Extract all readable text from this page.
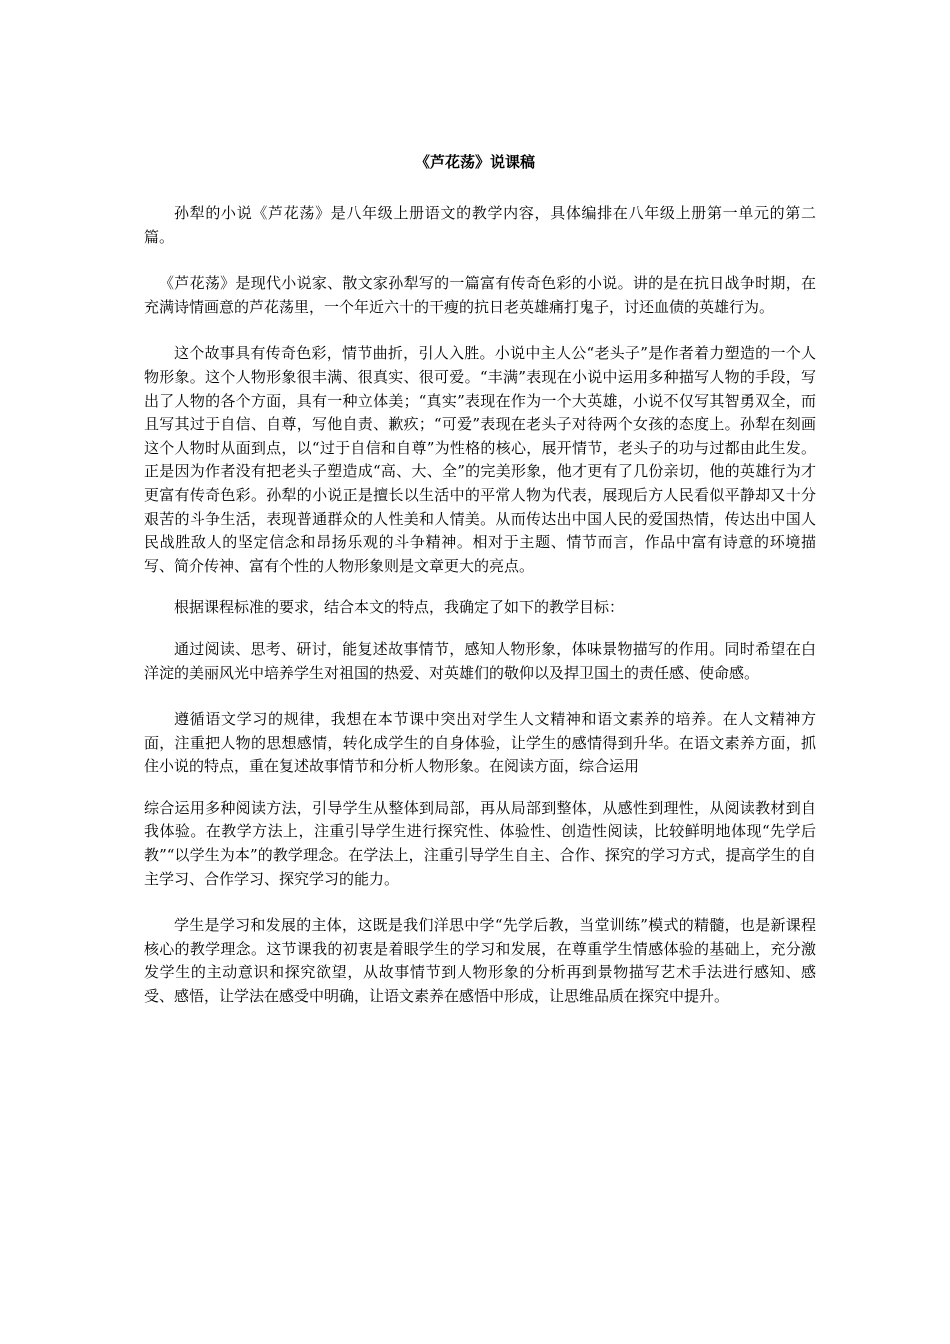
《芦花荡》说课稿

孙犁的小说《芦花荡》是八年级上册语文的教学内容，具体编排在八年级上册第一单元的第二篇。

《芦花荡》是现代小说家、散文家孙犁写的一篇富有传奇色彩的小说。讲的是在抗日战争时期，在充满诗情画意的芦花荡里，一个年近六十的干瘦的抗日老英雄痛打鬼子，讨还血债的英雄行为。

这个故事具有传奇色彩，情节曲折，引人入胜。小说中主人公“老头子”是作者着力塑造的一个人物形象。这个人物形象很丰满、很真实、很可爱。“丰满”表现在小说中运用多种描写人物的手段，写出了人物的各个方面，具有一种立体美；“真实”表现在作为一个大英雄，小说不仅写其智勇双全，而且写其过于自信、自尊，写他自责、歉疚；“可爱”表现在老头子对待两个女孩的态度上。孙犁在刻画这个人物时从面到点，以“过于自信和自尊”为性格的核心，展开情节，老头子的功与过都由此生发。正是因为作者没有把老头子塑造成“高、大、全”的完美形象，他才更有了几份亲切，他的英雄行为才更富有传奇色彩。孙犁的小说正是擅长以生活中的平常人物为代表，展现后方人民看似平静却又十分艰苦的斗争生活，表现普通群众的人性美和人情美。从而传达出中国人民的爱国热情，传达出中国人民战胜敌人的坚定信念和昂扬乐观的斗争精神。相对于主题、情节而言，作品中富有诗意的环境描写、简介传神、富有个性的人物形象则是文章更大的亮点。

根据课程标准的要求，结合本文的特点，我确定了如下的教学目标：

通过阅读、思考、研讨，能复述故事情节，感知人物形象，体味景物描写的作用。同时希望在白洋淀的美丽风光中培养学生对祖国的热爱、对英雄们的敬仰以及捍卫国土的责任感、使命感。

遵循语文学习的规律，我想在本节课中突出对学生人文精神和语文素养的培养。在人文精神方面，注重把人物的思想感情，转化成学生的自身体验，让学生的感情得到升华。在语文素养方面，抓住小说的特点，重在复述故事情节和分析人物形象。在阅读方面，综合运用

综合运用多种阅读方法，引导学生从整体到局部，再从局部到整体，从感性到理性，从阅读教材到自我体验。在教学方法上，注重引导学生进行探究性、体验性、创造性阅读，比较鲜明地体现“先学后教”“以学生为本”的教学理念。在学法上，注重引导学生自主、合作、探究的学习方式，提高学生的自主学习、合作学习、探究学习的能力。

学生是学习和发展的主体，这既是我们洋思中学“先学后教，当堂训练”模式的精髓，也是新课程核心的教学理念。这节课我的初衷是着眼学生的学习和发展，在尊重学生情感体验的基础上，充分激发学生的主动意识和探究欲望，从故事情节到人物形象的分析再到景物描写艺术手法进行感知、感受、感悟，让学法在感受中明确，让语文素养在感悟中形成，让思维品质在探究中提升。
